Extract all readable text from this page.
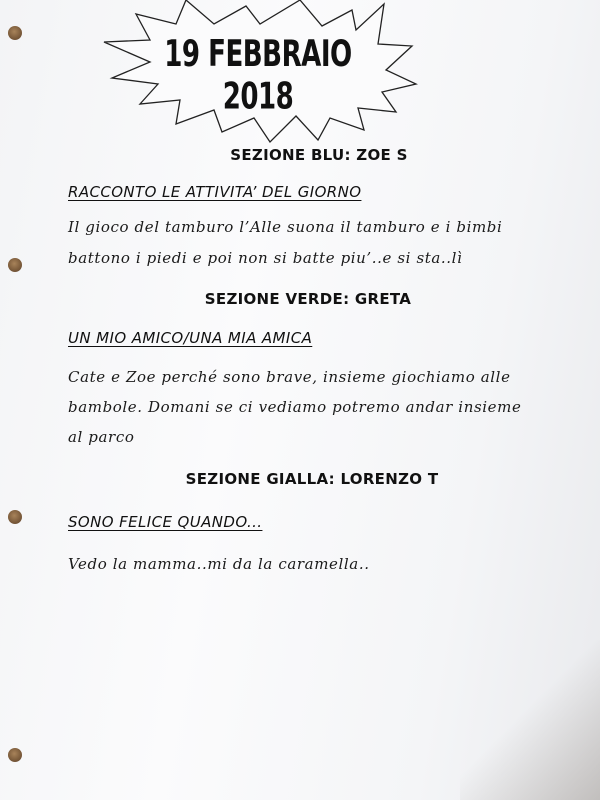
19 FEBBRAIO 2018
SEZIONE BLU: ZOE S
RACCONTO LE ATTIVITA’ DEL GIORNO
Il gioco del tamburo l’Alle suona il tamburo e i bimbi
battono i piedi e poi non si batte piu’..e si sta..lì
SEZIONE VERDE: GRETA
UN MIO AMICO/UNA MIA AMICA
Cate e Zoe perché sono brave, insieme giochiamo alle
bambole. Domani se ci vediamo potremo andar insieme
al parco
SEZIONE GIALLA: LORENZO T
SONO FELICE QUANDO...
Vedo la mamma..mi da la caramella..
